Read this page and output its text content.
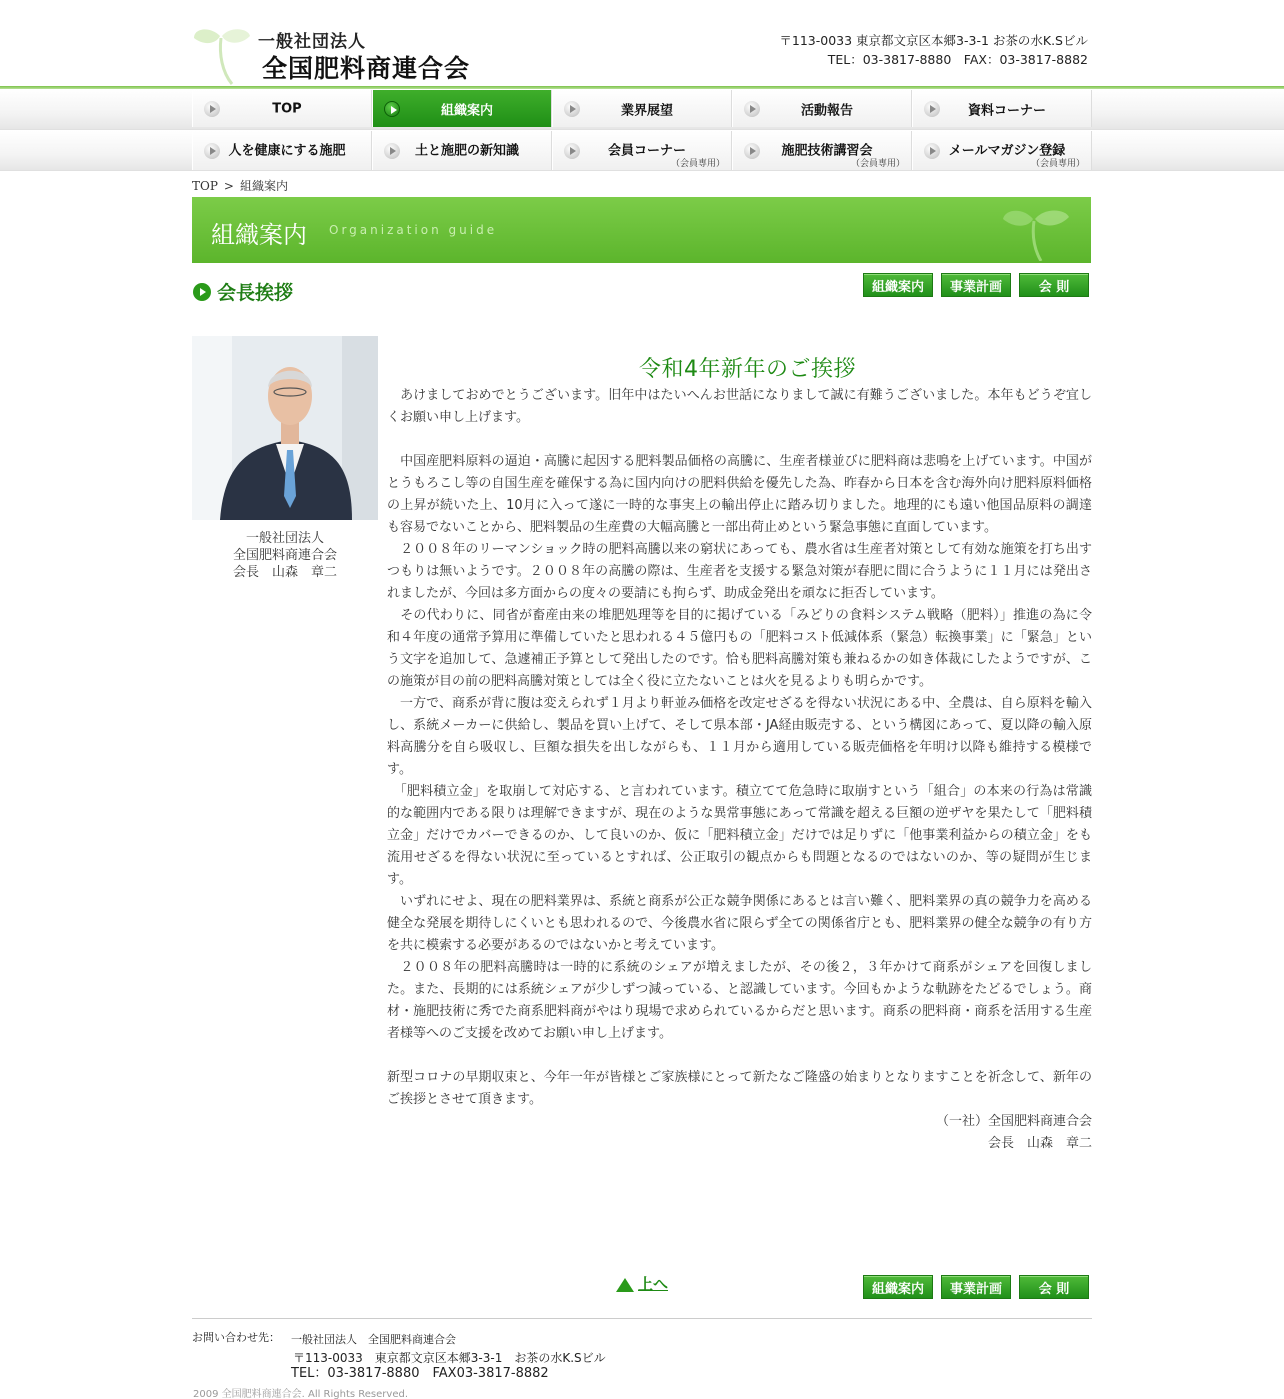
一般社団法人
全国肥料商連合会
〒113-0033 東京都文京区本郷3-3-1 お茶の水K.Sビル
TEL：03-3817-8880　FAX：03-3817-8882
TOP	組織案内	業界展望	活動報告	資料コーナー
人を健康にする施肥	土と施肥の新知識	会員コーナー
（会員専用）
施肥技術講習会
（会員専用）
メールマガジン登録
（会員専用）
TOP > 組織案内
組織案内 Organization guide
会長挨拶	組織案内	事業計画	会 則
一般社団法人
全国肥料商連合会
会長　山森　章二
令和4年新年のご挨拶

　あけましておめでとうございます。旧年中はたいへんお世話になりまして誠に有難うございました。本年もどうぞ宜しくお願い申し上げます。

　中国産肥料原料の逼迫・高騰に起因する肥料製品価格の高騰に、生産者様並びに肥料商は悲鳴を上げています。中国がとうもろこし等の自国生産を確保する為に国内向けの肥料供給を優先した為、昨春から日本を含む海外向け肥料原料価格の上昇が続いた上、10月に入って遂に一時的な事実上の輸出停止に踏み切りました。地理的にも遠い他国品原料の調達も容易でないことから、肥料製品の生産費の大幅高騰と一部出荷止めという緊急事態に直面しています。

　２００８年のリーマンショック時の肥料高騰以来の窮状にあっても、農水省は生産者対策として有効な施策を打ち出すつもりは無いようです。２００８年の高騰の際は、生産者を支援する緊急対策が春肥に間に合うように１１月には発出されましたが、今回は多方面からの度々の要請にも拘らず、助成金発出を頑なに拒否しています。

　その代わりに、同省が畜産由来の堆肥処理等を目的に掲げている「みどりの食料システム戦略（肥料）」推進の為に令和４年度の通常予算用に準備していたと思われる４５億円もの「肥料コスト低減体系（緊急）転換事業」に「緊急」という文字を追加して、急遽補正予算として発出したのです。恰も肥料高騰対策も兼ねるかの如き体裁にしたようですが、この施策が目の前の肥料高騰対策としては全く役に立たないことは火を見るよりも明らかです。

　一方で、商系が背に腹は変えられず１月より軒並み価格を改定せざるを得ない状況にある中、全農は、自ら原料を輸入し、系統メーカーに供給し、製品を買い上げて、そして県本部・JA経由販売する、という構図にあって、夏以降の輸入原料高騰分を自ら吸収し、巨額な損失を出しながらも、１１月から適用している販売価格を年明け以降も維持する模様です。

　「肥料積立金」を取崩して対応する、と言われています。積立てて危急時に取崩すという「組合」の本来の行為は常識的な範囲内である限りは理解できますが、現在のような異常事態にあって常識を超える巨額の逆ザヤを果たして「肥料積立金」だけでカバーできるのか、して良いのか、仮に「肥料積立金」だけでは足りずに「他事業利益からの積立金」をも流用せざるを得ない状況に至っているとすれば、公正取引の観点からも問題となるのではないのか、等の疑問が生じます。

　いずれにせよ、現在の肥料業界は、系統と商系が公正な競争関係にあるとは言い難く、肥料業界の真の競争力を高める健全な発展を期待しにくいとも思われるので、今後農水省に限らず全ての関係省庁とも、肥料業界の健全な競争の有り方を共に模索する必要があるのではないかと考えています。

　２００８年の肥料高騰時は一時的に系統のシェアが増えましたが、その後２，３年かけて商系がシェアを回復しました。また、長期的には系統シェアが少しずつ減っている、と認識しています。今回もかような軌跡をたどるでしょう。商材・施肥技術に秀でた商系肥料商がやはり現場で求められているからだと思います。商系の肥料商・商系を活用する生産者様等へのご支援を改めてお願い申し上げます。

新型コロナの早期収束と、今年一年が皆様とご家族様にとって新たなご隆盛の始まりとなりますことを祈念して、新年のご挨拶とさせて頂きます。

（一社）全国肥料商連合会
会長　山森　章二
上へ	組織案内	事業計画	会 則
お問い合わせ先：	一般社団法人　全国肥料商連合会
〒113-0033　東京都文京区本郷3-3-1　お茶の水K.Sビル
TEL：03-3817-8880　FAX03-3817-8882
2009 全国肥料商連合会. All Rights Reserved.
